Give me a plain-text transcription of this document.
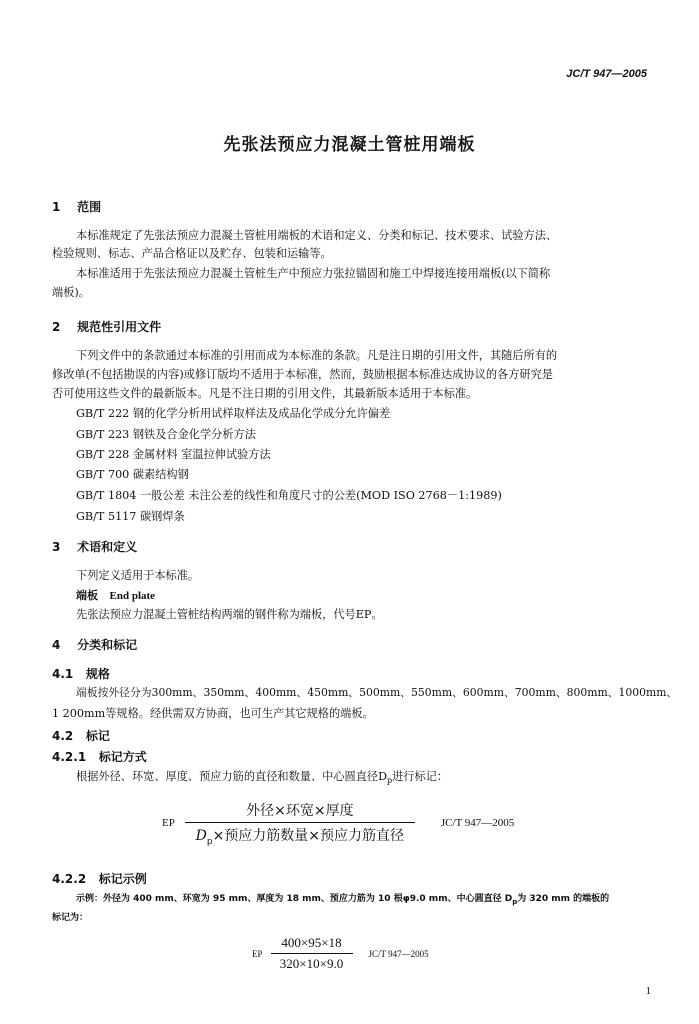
JC/T 947—2005
先张法预应力混凝土管桩用端板
1 范围
本标准规定了先张法预应力混凝土管桩用端板的术语和定义、分类和标记、技术要求、试验方法、
检验规则、标志、产品合格证以及贮存、包装和运输等。
本标准适用于先张法预应力混凝土管桩生产中预应力张拉锚固和施工中焊接连接用端板(以下简称
端板)。
2 规范性引用文件
下列文件中的条款通过本标准的引用而成为本标准的条款。凡是注日期的引用文件，其随后所有的
修改单(不包括勘误的内容)或修订版均不适用于本标准，然而，鼓励根据本标准达成协议的各方研究是
否可使用这些文件的最新版本。凡是不注日期的引用文件，其最新版本适用于本标准。
GB/T 222 钢的化学分析用试样取样法及成品化学成分允许偏差
GB/T 223 钢铁及合金化学分析方法
GB/T 228 金属材料 室温拉伸试验方法
GB/T 700 碳素结构钢
GB/T 1804 一般公差 未注公差的线性和角度尺寸的公差(MOD ISO 2768－1:1989)
GB/T 5117 碳钢焊条
3 术语和定义
下列定义适用于本标准。
端板 End plate
先张法预应力混凝土管桩结构两端的钢件称为端板，代号EP。
4 分类和标记
4.1 规格
端板按外径分为300mm、350mm、400mm、450mm、500mm、550mm、600mm、700mm、800mm、1000mm、
1 200mm等规格。经供需双方协商，也可生产其它规格的端板。
4.2 标记
4.2.1 标记方式
根据外径、环宽、厚度、预应力筋的直径和数量、中心圆直径$D_p$进行标记：
EP
外径×环宽×厚度
$D_p\times$预应力筋数量×预应力筋直径
JC/T 947—2005
4.2.2 标记示例
示例：外径为 400 mm、环宽为 95 mm、厚度为 18 mm、预应力筋为 10 根φ9.0 mm、中心圆直径 $D_p$为 320 mm 的端板的
标记为：
EP
400×95×18
320×10×9.0
JC/T 947—2005
1
